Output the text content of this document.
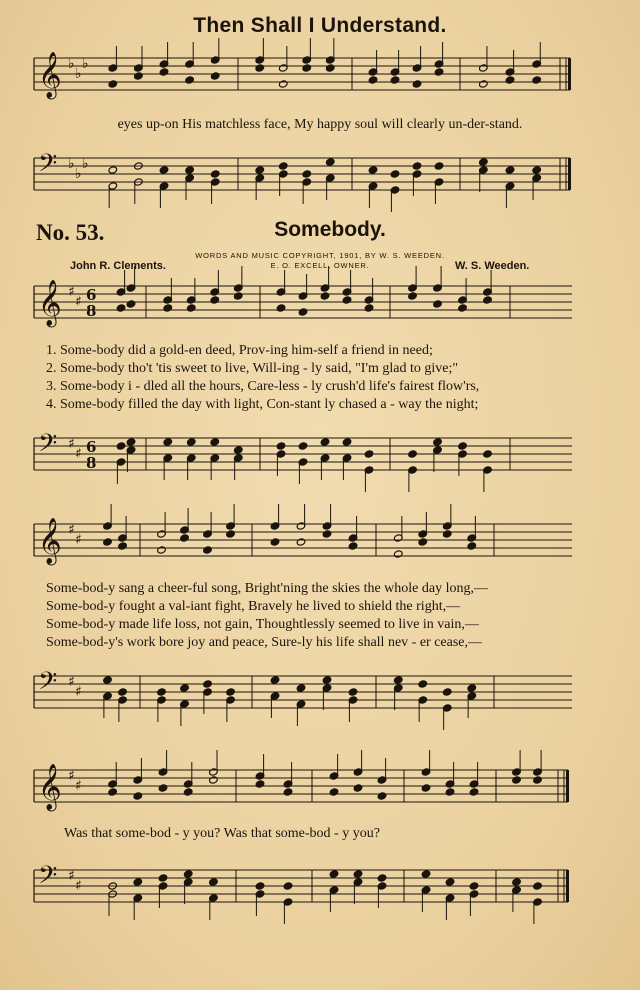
Then Shall I Understand.
eyes up-on His matchless face, My happy soul will clearly un-der-stand.
No. 53.	Somebody.
WORDS AND MUSIC COPYRIGHT, 1901, BY W. S. WEEDEN.
E. O. EXCELL, OWNER.
John R. Clements.	W. S. Weeden.
1. Some-body did a gold-en deed, Prov-ing him-self a friend in need;
2. Some-body tho't 'tis sweet to live, Will-ing - ly said, "I'm glad to give;"
3. Some-body i - dled all the hours, Care-less - ly crush'd life's fairest flow'rs,
4. Some-body filled the day with light, Con-stant ly chased a - way the night;
Some-bod-y sang a cheer-ful song, Bright'ning the skies the whole day long,—
Some-bod-y fought a val-iant fight, Bravely he lived to shield the right,—
Some-bod-y made life loss, not gain, Thoughtlessly seemed to live in vain,—
Some-bod-y's work bore joy and peace, Sure-ly his life shall nev - er cease,—
Was that some-bod - y you? Was that some-bod - y you?
𝄞 ♭
♭
♭
𝄢 ♭
♭
♭
𝄞 ♯
♯ 6
8
𝄢 ♯
♯ 6
8
𝄞 ♯
♯
𝄢 ♯
♯
𝄞 ♯
♯
𝄢 ♯
♯
